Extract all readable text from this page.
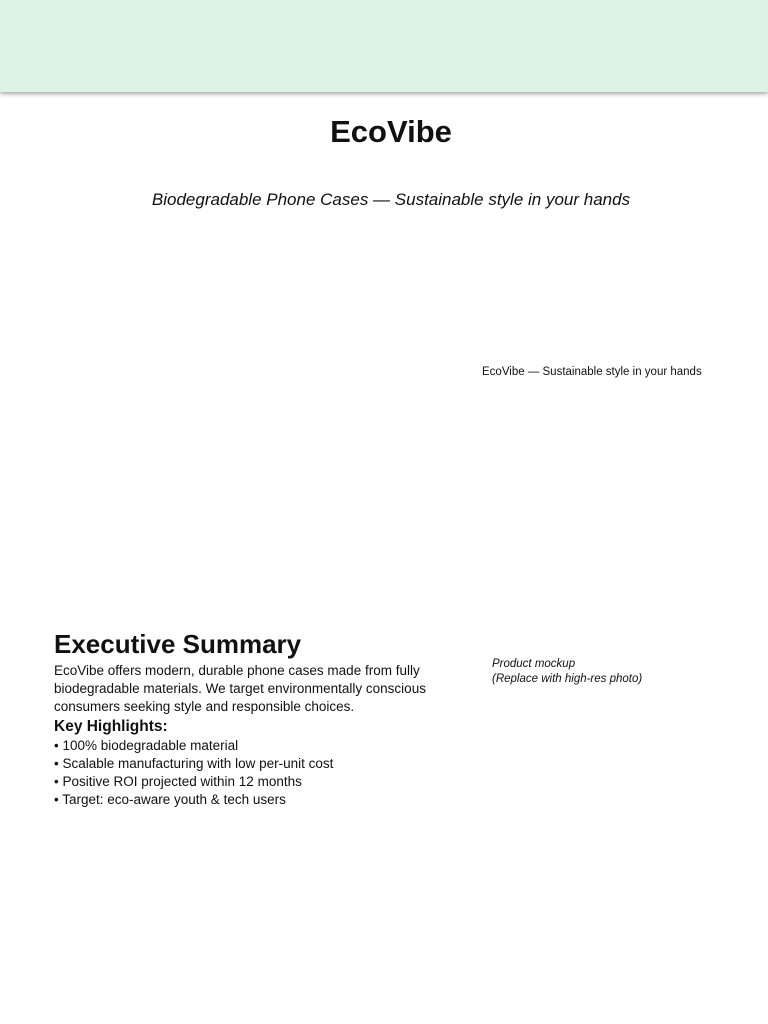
EcoVibe

Biodegradable Phone Cases — Sustainable style in your hands

EcoVibe — Sustainable style in your hands

Executive Summary

EcoVibe offers modern, durable phone cases made from fully biodegradable materials. We target environmentally conscious consumers seeking style and responsible choices.

Key Highlights:
• 100% biodegradable material
• Scalable manufacturing with low per-unit cost
• Positive ROI projected within 12 months
• Target: eco-aware youth & tech users
Product mockup
(Replace with high-res photo)
